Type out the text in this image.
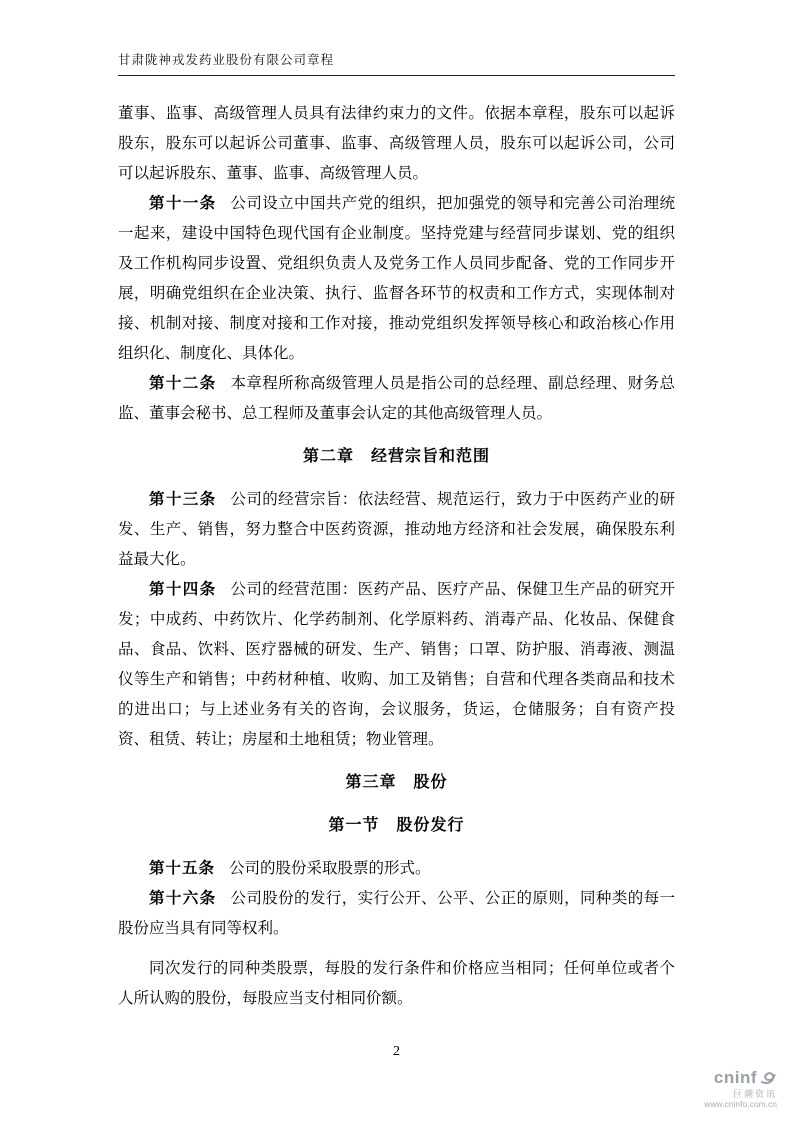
甘肃陇神戎发药业股份有限公司章程

董事、监事、高级管理人员具有法律约束力的文件。依据本章程，股东可以起诉股东，股东可以起诉公司董事、监事、高级管理人员，股东可以起诉公司，公司可以起诉股东、董事、监事、高级管理人员。

第十一条 公司设立中国共产党的组织，把加强党的领导和完善公司治理统一起来，建设中国特色现代国有企业制度。坚持党建与经营同步谋划、党的组织及工作机构同步设置、党组织负责人及党务工作人员同步配备、党的工作同步开展，明确党组织在企业决策、执行、监督各环节的权责和工作方式，实现体制对接、机制对接、制度对接和工作对接，推动党组织发挥领导核心和政治核心作用组织化、制度化、具体化。

第十二条 本章程所称高级管理人员是指公司的总经理、副总经理、财务总监、董事会秘书、总工程师及董事会认定的其他高级管理人员。

第二章　经营宗旨和范围

第十三条 公司的经营宗旨：依法经营、规范运行，致力于中医药产业的研发、生产、销售，努力整合中医药资源，推动地方经济和社会发展，确保股东利益最大化。

第十四条 公司的经营范围：医药产品、医疗产品、保健卫生产品的研究开发；中成药、中药饮片、化学药制剂、化学原料药、消毒产品、化妆品、保健食品、食品、饮料、医疗器械的研发、生产、销售；口罩、防护服、消毒液、测温仪等生产和销售；中药材种植、收购、加工及销售；自营和代理各类商品和技术的进出口；与上述业务有关的咨询，会议服务，货运，仓储服务；自有资产投资、租赁、转让；房屋和土地租赁；物业管理。

第三章　股份
第一节　股份发行

第十五条 公司的股份采取股票的形式。

第十六条 公司股份的发行，实行公开、公平、公正的原则，同种类的每一股份应当具有同等权利。

同次发行的同种类股票，每股的发行条件和价格应当相同；任何单位或者个人所认购的股份，每股应当支付相同价额。

2
cninf
巨潮资讯
www.cninfo.com.cn
